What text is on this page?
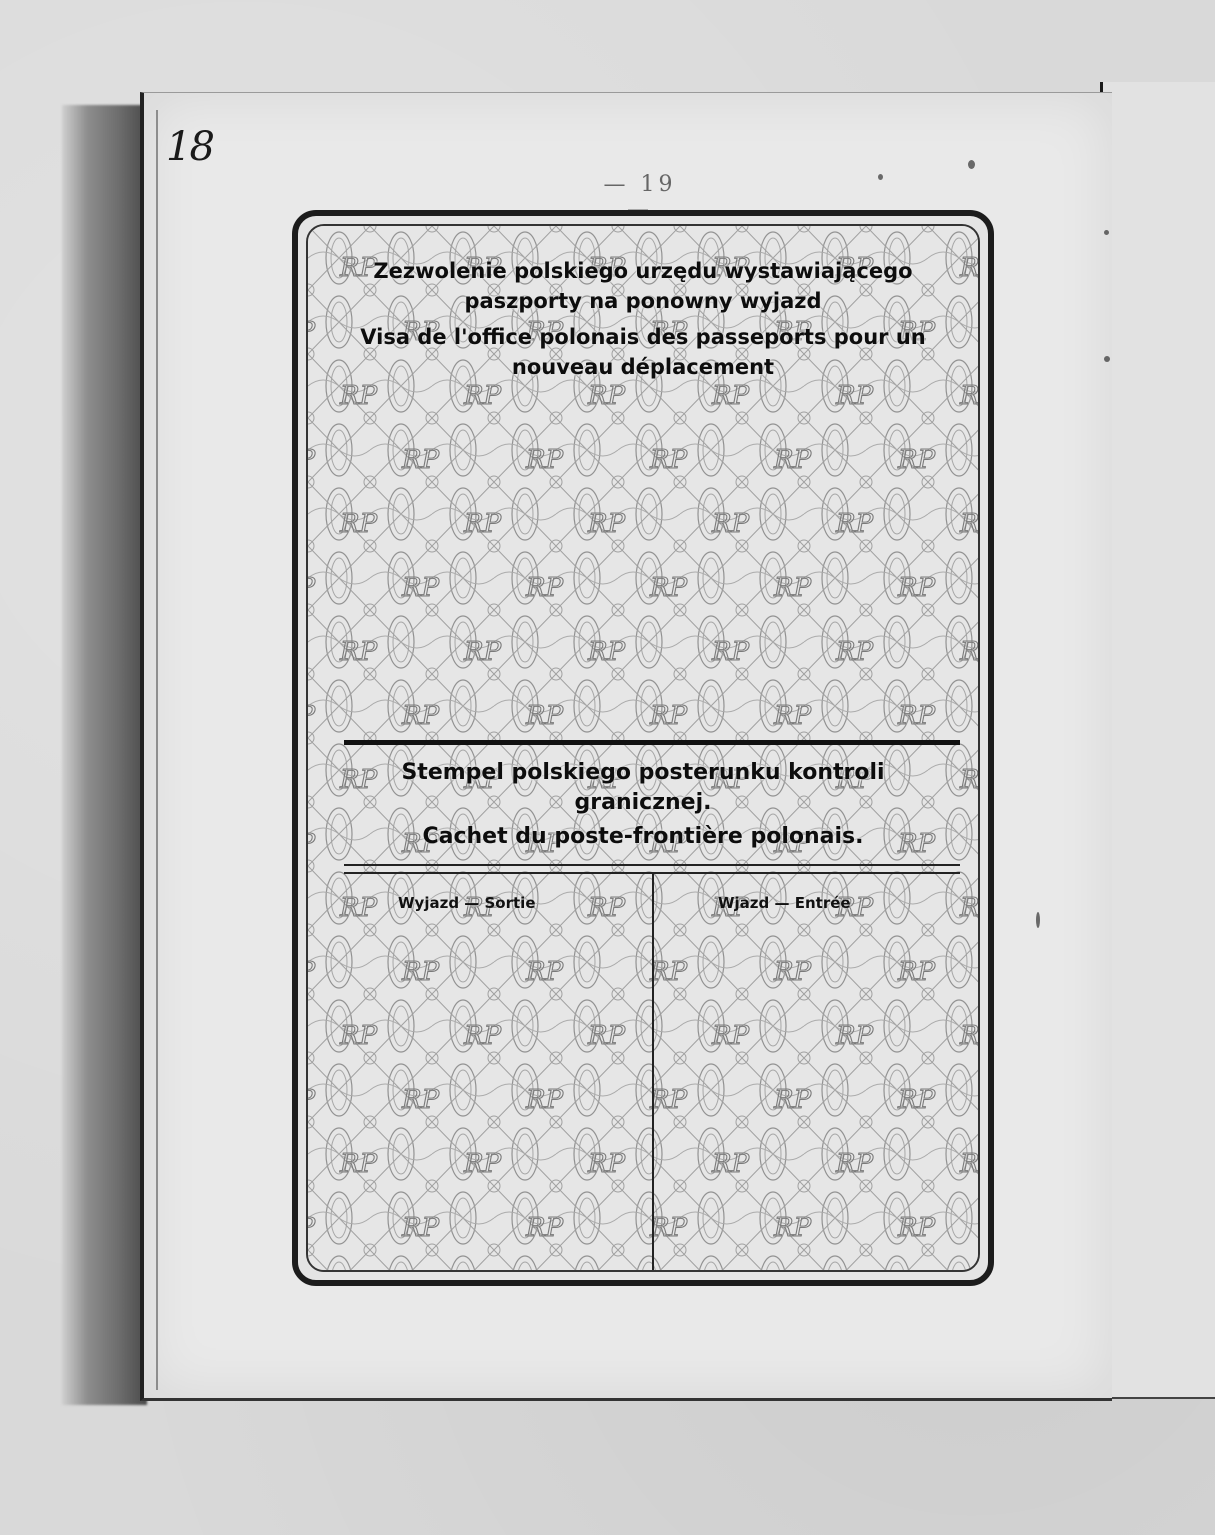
18
— 19
Zezwolenie polskiego urzędu wystawiającego paszporty na ponowny wyjazd
Visa de l'office polonais des passeports pour un nouveau déplacement
Stempel polskiego posterunku kontroli granicznej.
Cachet du poste-frontière polonais.
Wyjazd — Sortie	Wjazd — Entrée
